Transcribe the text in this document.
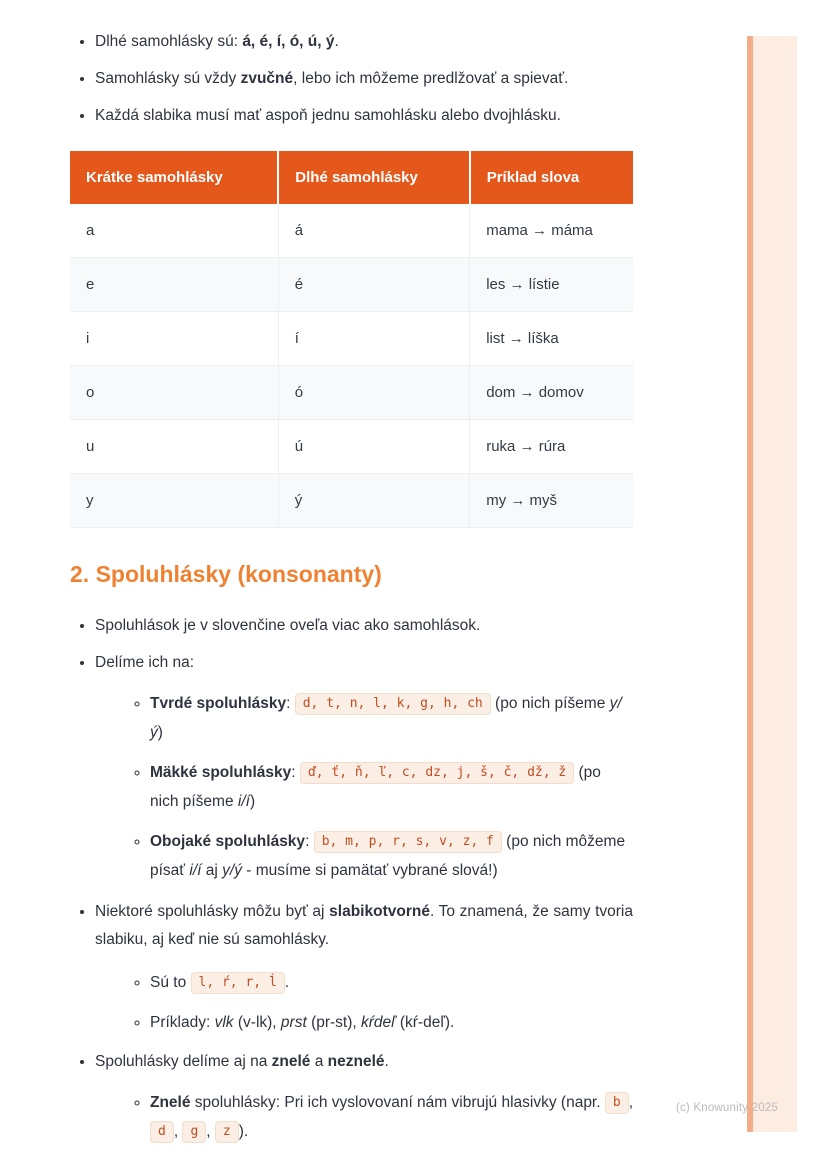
• Dlhé samohlásky sú: á, é, í, ó, ú, ý.
• Samohlásky sú vždy zvučné, lebo ich môžeme predlžovať a spievať.
• Každá slabika musí mať aspoň jednu samohlásku alebo dvojhlásku.
Krátke samohlásky	Dlhé samohlásky	Príklad slova
a	á	mama → máma
e	é	les → lístie
i	í	list → líška
o	ó	dom → domov
u	ú	ruka → rúra
y	ý	my → myš
2. Spoluhlásky (konsonanty)
• Spoluhlások je v slovenčine oveľa viac ako samohlások.
• Delíme ich na:
◦ Tvrdé spoluhlásky: d, t, n, l, k, g, h, ch (po nich píšeme y/ý)
◦ Mäkké spoluhlásky: ď, ť, ň, ľ, c, dz, j, š, č, dž, ž (po nich píšeme i/í)
◦ Obojaké spoluhlásky: b, m, p, r, s, v, z, f (po nich môžeme písať i/í aj y/ý - musíme si pamätať vybrané slová!)
• Niektoré spoluhlásky môžu byť aj slabikotvorné. To znamená, že samy tvoria slabiku, aj keď nie sú samohlásky.
◦ Sú to l, ŕ, r, ĺ .
◦ Príklady: vlk (v-lk), prst (pr-st), kŕdeľ (kŕ-deľ).
• Spoluhlásky delíme aj na znelé a neznelé.
◦ Znelé spoluhlásky: Pri ich vyslovovaní nám vibrujú hlasivky (napr. b , d , g , z ).
(c) Knowunity 2025
